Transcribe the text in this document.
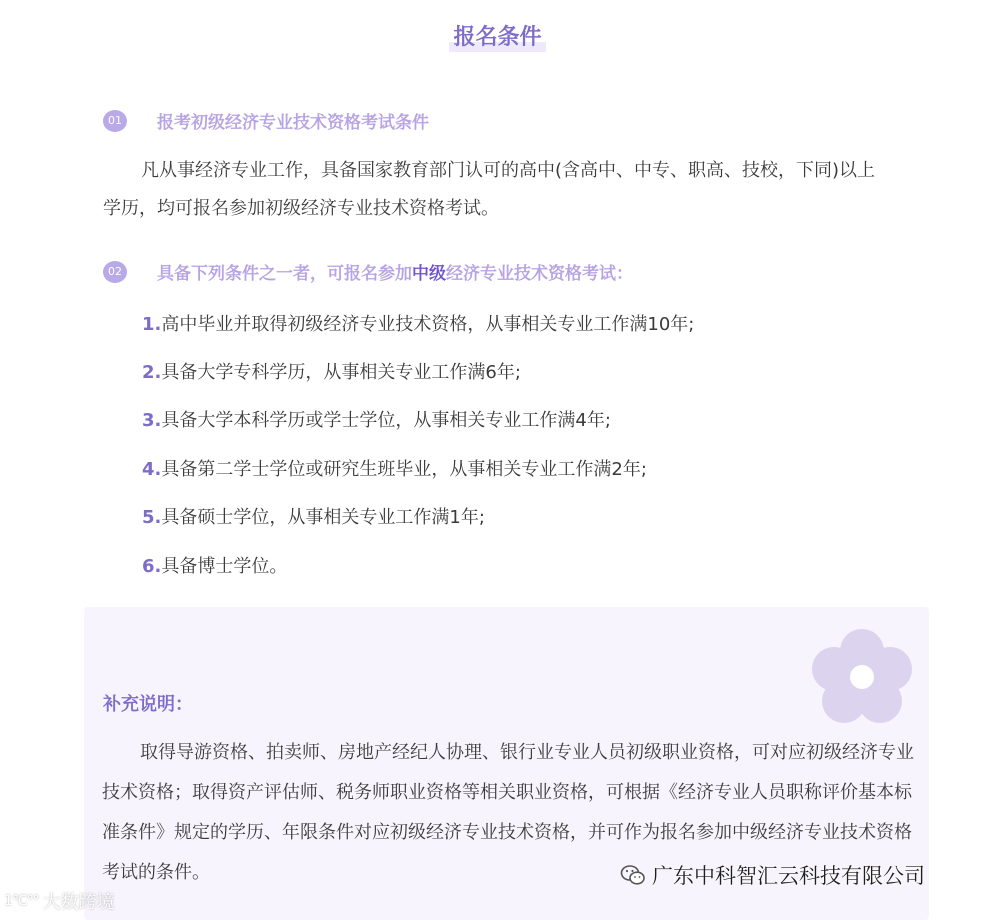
报名条件
01 报考初级经济专业技术资格考试条件
凡从事经济专业工作，具备国家教育部门认可的高中(含高中、中专、职高、技校，下同)以上学历，均可报名参加初级经济专业技术资格考试。
02 具备下列条件之一者，可报名参加中级经济专业技术资格考试：
1.高中毕业并取得初级经济专业技术资格，从事相关专业工作满10年;
2.具备大学专科学历，从事相关专业工作满6年;
3.具备大学本科学历或学士学位，从事相关专业工作满4年;
4.具备第二学士学位或研究生班毕业，从事相关专业工作满2年;
5.具备硕士学位，从事相关专业工作满1年;
6.具备博士学位。
补充说明：
取得导游资格、拍卖师、房地产经纪人协理、银行业专业人员初级职业资格，可对应初级经济专业技术资格；取得资产评估师、税务师职业资格等相关职业资格，可根据《经济专业人员职称评价基本标准条件》规定的学历、年限条件对应初级经济专业技术资格，并可作为报名参加中级经济专业技术资格考试的条件。	广东中科智汇云科技有限公司
1℃°° 大数跨境
